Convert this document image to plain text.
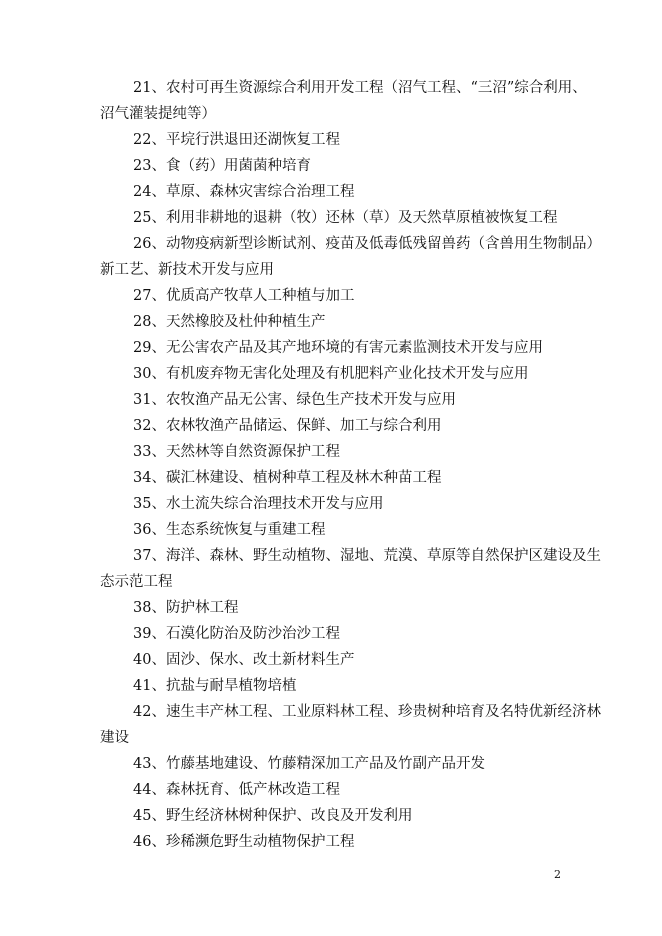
21、农村可再生资源综合利用开发工程（沼气工程、“三沼”综合利用、
沼气灌装提纯等）

22、平垸行洪退田还湖恢复工程

23、食（药）用菌菌种培育

24、草原、森林灾害综合治理工程

25、利用非耕地的退耕（牧）还林（草）及天然草原植被恢复工程

26、动物疫病新型诊断试剂、疫苗及低毒低残留兽药（含兽用生物制品）
新工艺、新技术开发与应用

27、优质高产牧草人工种植与加工

28、天然橡胶及杜仲种植生产

29、无公害农产品及其产地环境的有害元素监测技术开发与应用

30、有机废弃物无害化处理及有机肥料产业化技术开发与应用

31、农牧渔产品无公害、绿色生产技术开发与应用

32、农林牧渔产品储运、保鲜、加工与综合利用

33、天然林等自然资源保护工程

34、碳汇林建设、植树种草工程及林木种苗工程

35、水土流失综合治理技术开发与应用

36、生态系统恢复与重建工程

37、海洋、森林、野生动植物、湿地、荒漠、草原等自然保护区建设及生
态示范工程

38、防护林工程

39、石漠化防治及防沙治沙工程

40、固沙、保水、改土新材料生产

41、抗盐与耐旱植物培植

42、速生丰产林工程、工业原料林工程、珍贵树种培育及名特优新经济林
建设

43、竹藤基地建设、竹藤精深加工产品及竹副产品开发

44、森林抚育、低产林改造工程

45、野生经济林树种保护、改良及开发利用

46、珍稀濒危野生动植物保护工程

2
